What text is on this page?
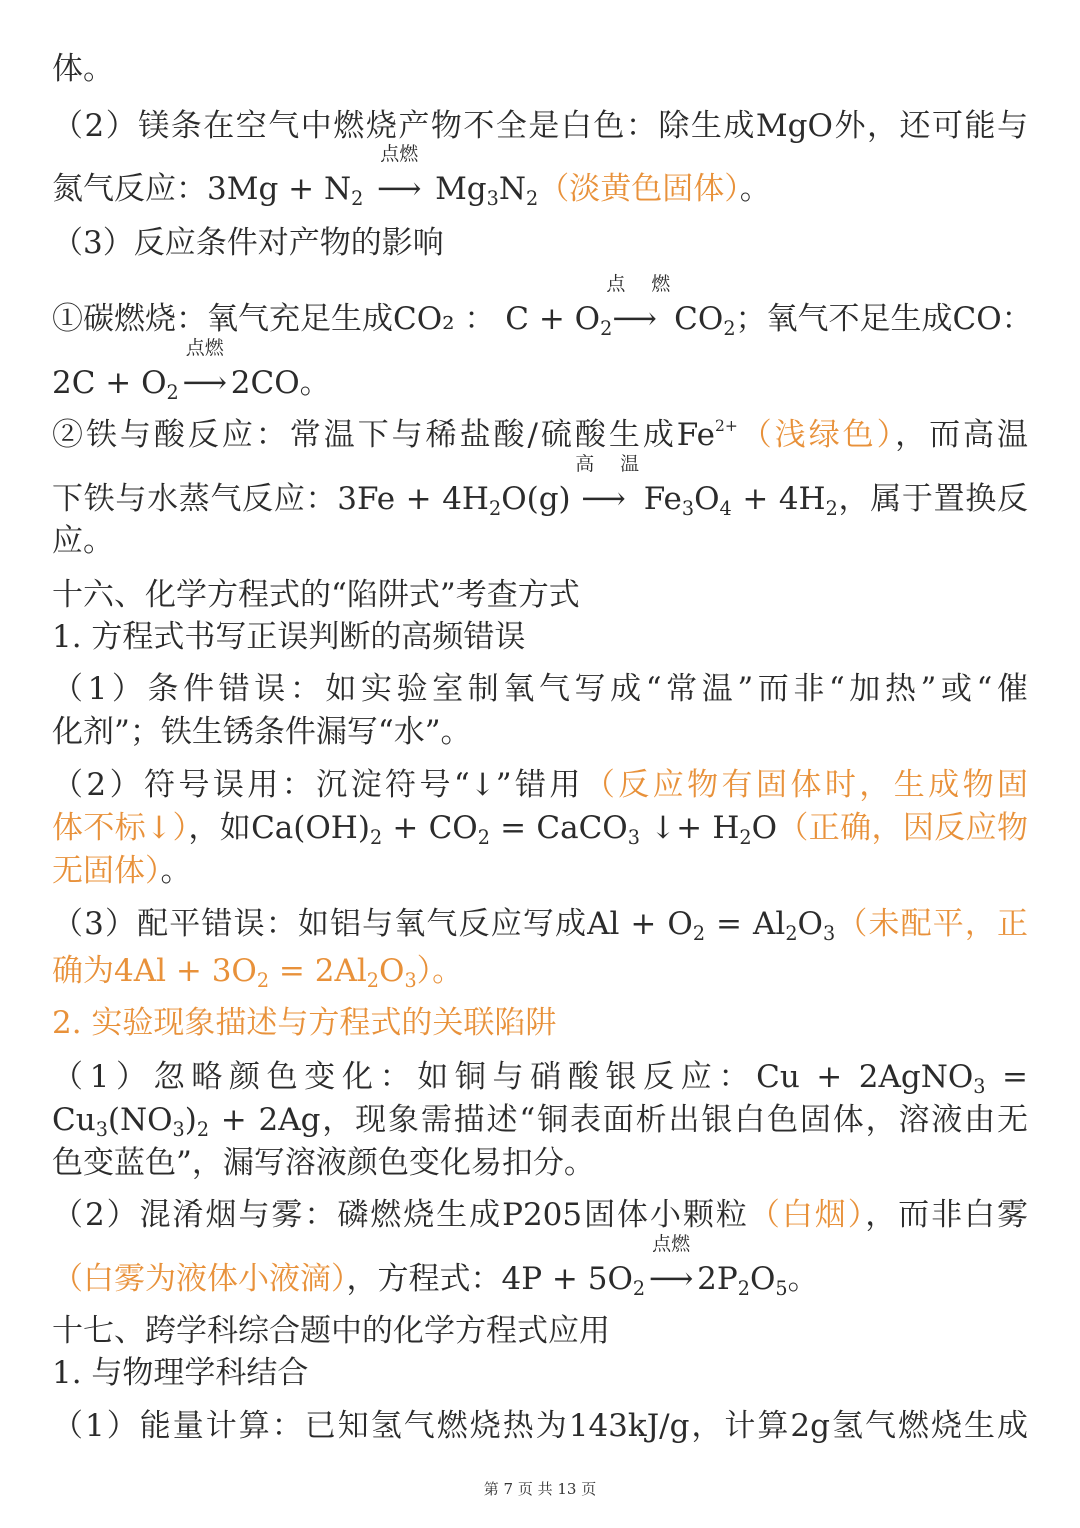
体。
（2）镁条在空气中燃烧产物不全是白色：除生成MgO外，还可能与
氮气反应：$3Mg + N_2$
点燃
⟶ $Mg_3N_2$（淡黄色固体）。
（3）反应条件对产物的影响
①碳燃烧：氧气充足生成CO₂ ： $C + O_2$
点燃
⟶ $CO_2$；氧气不足生成CO：
$2C + O_2$
点燃
⟶ 2CO。
②铁与酸反应：常温下与稀盐酸/硫酸生成$Fe^{2+}$（浅绿色），而高温
下铁与水蒸气反应：$3Fe + 4H_2O(g)$
高温
⟶ $Fe_3O_4 + 4H_2$，属于置换反
应。
十六、化学方程式的“陷阱式”考查方式
1. 方程式书写正误判断的高频错误
（1）条件错误：如实验室制氧气写成“常温”而非“加热”或“催
化剂”；铁生锈条件漏写“水”。
（2）符号误用：沉淀符号“↓”错用（反应物有固体时，生成物固
体不标↓），如$Ca(OH)_2 + CO_2$ = CaCO$_3$ ↓+ $H_2O$（正确，因反应物
无固体）。
（3）配平错误：如铝与氧气反应写成$Al + O_2 = Al_2O_3$（未配平，正
确为$4Al + 3O_2 = 2Al_2O_3$）。
2. 实验现象描述与方程式的关联陷阱
（1）忽略颜色变化：如铜与硝酸银反应：Cu + 2AgNO$_3$ =
$Cu_3(NO_3)_2 + 2Ag$，现象需描述“铜表面析出银白色固体，溶液由无
色变蓝色”，漏写溶液颜色变化易扣分。
（2）混淆烟与雾：磷燃烧生成P205固体小颗粒（白烟），而非白雾
（白雾为液体小液滴），方程式：$4P + 5O_2$
点燃
⟶ $2P_2O_5$。
十七、跨学科综合题中的化学方程式应用
1. 与物理学科结合
（1）能量计算：已知氢气燃烧热为143kJ/g，计算2g氢气燃烧生成
第 7 页 共 13 页
